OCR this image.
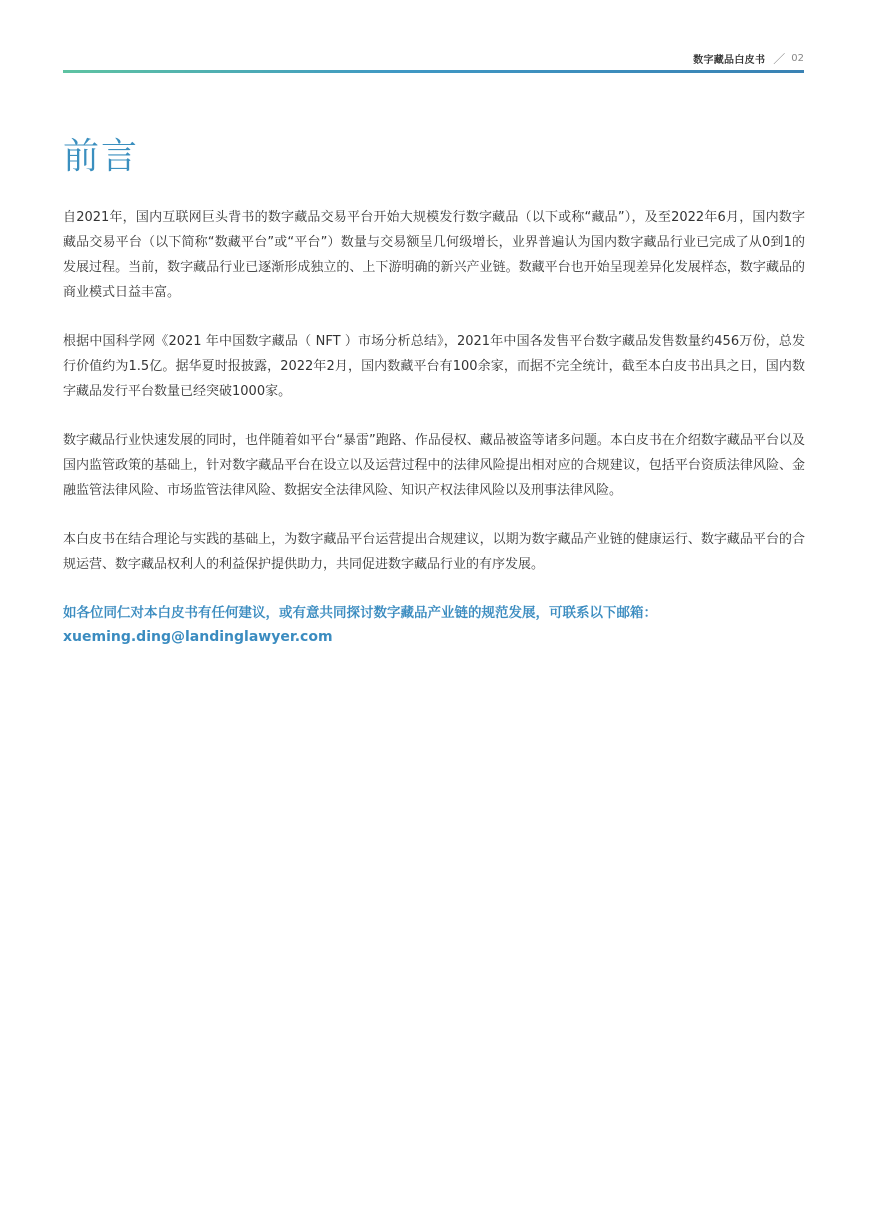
数字藏品白皮书 ／ 02
前言

自2021年，国内互联网巨头背书的数字藏品交易平台开始大规模发行数字藏品（以下或称“藏品”），及至2022年6月，国内数字藏品交易平台（以下简称“数藏平台”或“平台”）数量与交易额呈几何级增长，业界普遍认为国内数字藏品行业已完成了从0到1的发展过程。当前，数字藏品行业已逐渐形成独立的、上下游明确的新兴产业链。数藏平台也开始呈现差异化发展样态，数字藏品的商业模式日益丰富。

根据中国科学网《2021 年中国数字藏品（ NFT ）市场分析总结》，2021年中国各发售平台数字藏品发售数量约456万份，总发行价值约为1.5亿。据华夏时报披露，2022年2月，国内数藏平台有100余家，而据不完全统计，截至本白皮书出具之日，国内数字藏品发行平台数量已经突破1000家。

数字藏品行业快速发展的同时，也伴随着如平台“暴雷”跑路、作品侵权、藏品被盗等诸多问题。本白皮书在介绍数字藏品平台以及国内监管政策的基础上，针对数字藏品平台在设立以及运营过程中的法律风险提出相对应的合规建议，包括平台资质法律风险、金融监管法律风险、市场监管法律风险、数据安全法律风险、知识产权法律风险以及刑事法律风险。

本白皮书在结合理论与实践的基础上，为数字藏品平台运营提出合规建议，以期为数字藏品产业链的健康运行、数字藏品平台的合规运营、数字藏品权利人的利益保护提供助力，共同促进数字藏品行业的有序发展。

如各位同仁对本白皮书有任何建议，或有意共同探讨数字藏品产业链的规范发展，可联系以下邮箱：
xueming.ding@landinglawyer.com
